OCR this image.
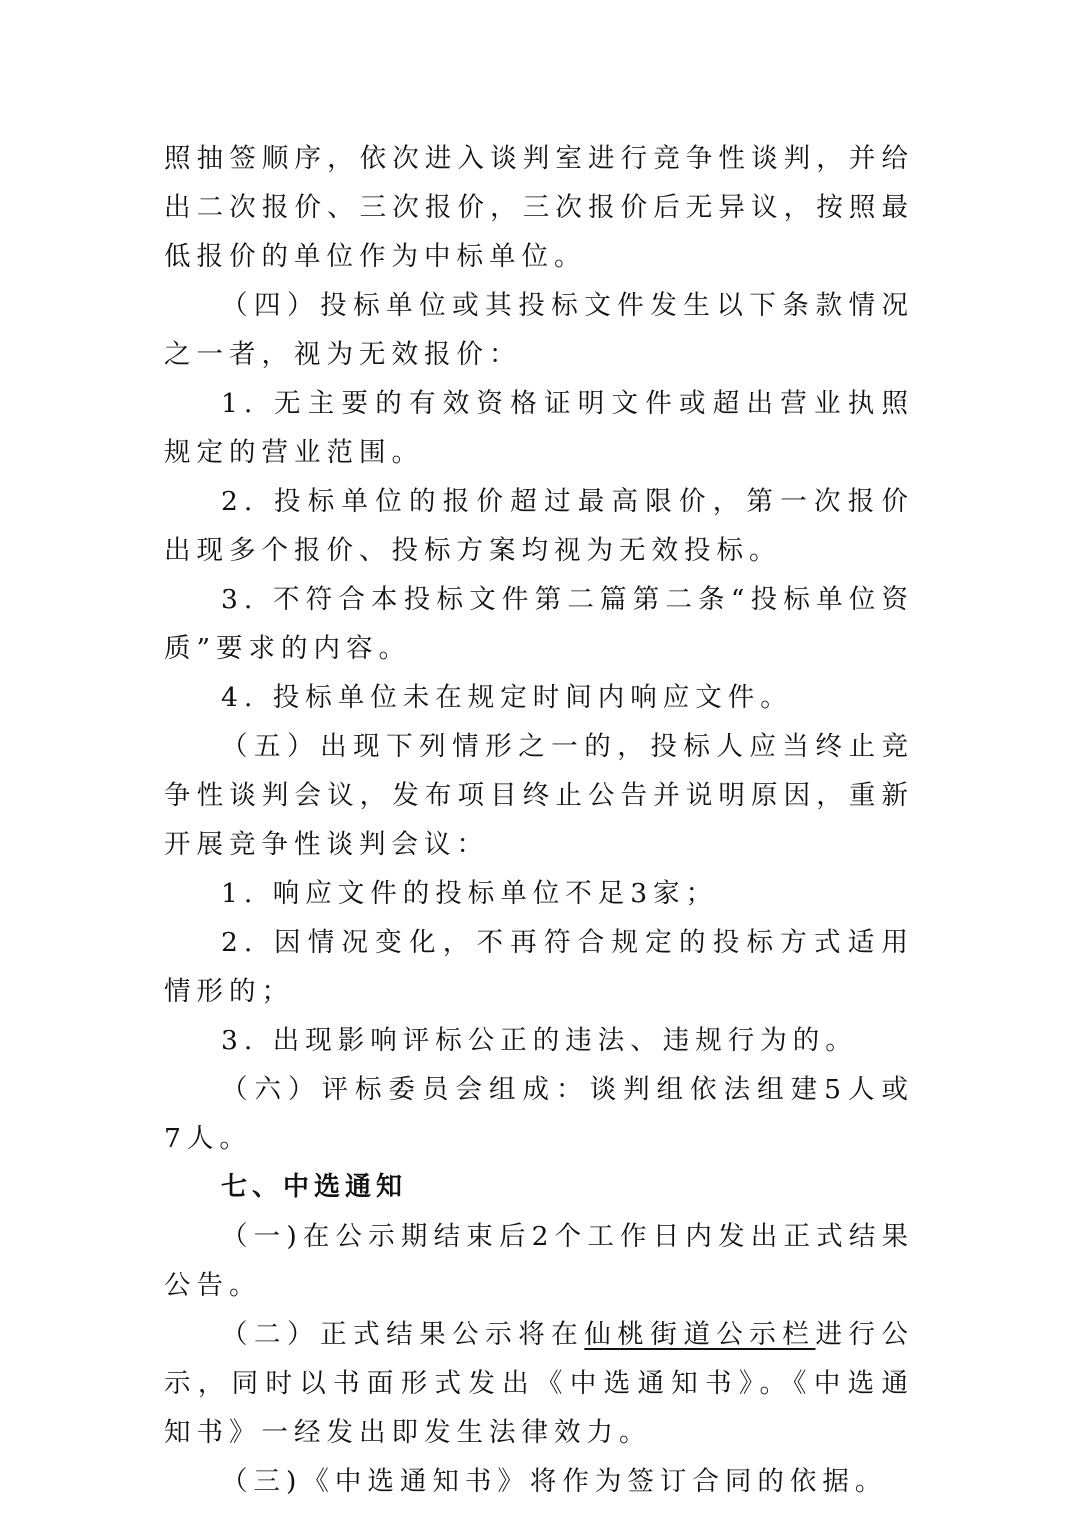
照抽签顺序，依次进入谈判室进行竞争性谈判，并给出二次报价、三次报价，三次报价后无异议，按照最低报价的单位作为中标单位。

（四）投标单位或其投标文件发生以下条款情况之一者，视为无效报价：

1. 无主要的有效资格证明文件或超出营业执照规定的营业范围。

2. 投标单位的报价超过最高限价，第一次报价出现多个报价、投标方案均视为无效投标。

3. 不符合本投标文件第二篇第二条“投标单位资质”要求的内容。

4. 投标单位未在规定时间内响应文件。

（五）出现下列情形之一的，投标人应当终止竞争性谈判会议，发布项目终止公告并说明原因，重新开展竞争性谈判会议：

1. 响应文件的投标单位不足3家；

2. 因情况变化，不再符合规定的投标方式适用情形的；

3. 出现影响评标公正的违法、违规行为的。

（六）评标委员会组成：谈判组依法组建5人或7人。

七、中选通知

（一)在公示期结束后2个工作日内发出正式结果公告。

（二）正式结果公示将在仙桃街道公示栏进行公示，同时以书面形式发出《中选通知书》。《中选通知书》一经发出即发生法律效力。

（三)《中选通知书》将作为签订合同的依据。
